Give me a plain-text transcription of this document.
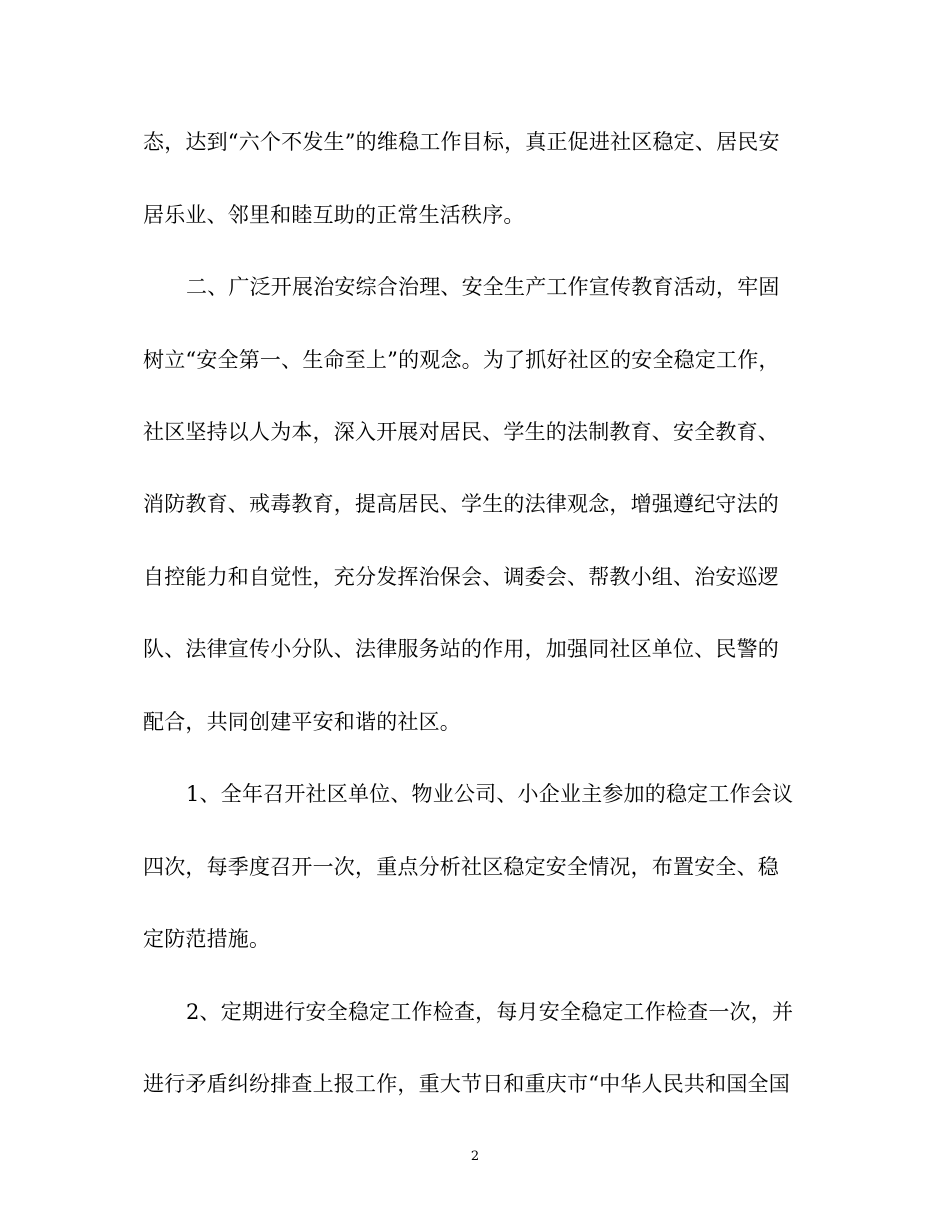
态，达到“六个不发生”的维稳工作目标，真正促进社区稳定、居民安
居乐业、邻里和睦互助的正常生活秩序。
二、广泛开展治安综合治理、安全生产工作宣传教育活动，牢固
树立“安全第一、生命至上”的观念。为了抓好社区的安全稳定工作，
社区坚持以人为本，深入开展对居民、学生的法制教育、安全教育、
消防教育、戒毒教育，提高居民、学生的法律观念，增强遵纪守法的
自控能力和自觉性，充分发挥治保会、调委会、帮教小组、治安巡逻
队、法律宣传小分队、法律服务站的作用，加强同社区单位、民警的
配合，共同创建平安和谐的社区。
1、全年召开社区单位、物业公司、小企业主参加的稳定工作会议
四次，每季度召开一次，重点分析社区稳定安全情况，布置安全、稳
定防范措施。
2、定期进行安全稳定工作检查，每月安全稳定工作检查一次，并
进行矛盾纠纷排查上报工作，重大节日和重庆市“中华人民共和国全国
2
